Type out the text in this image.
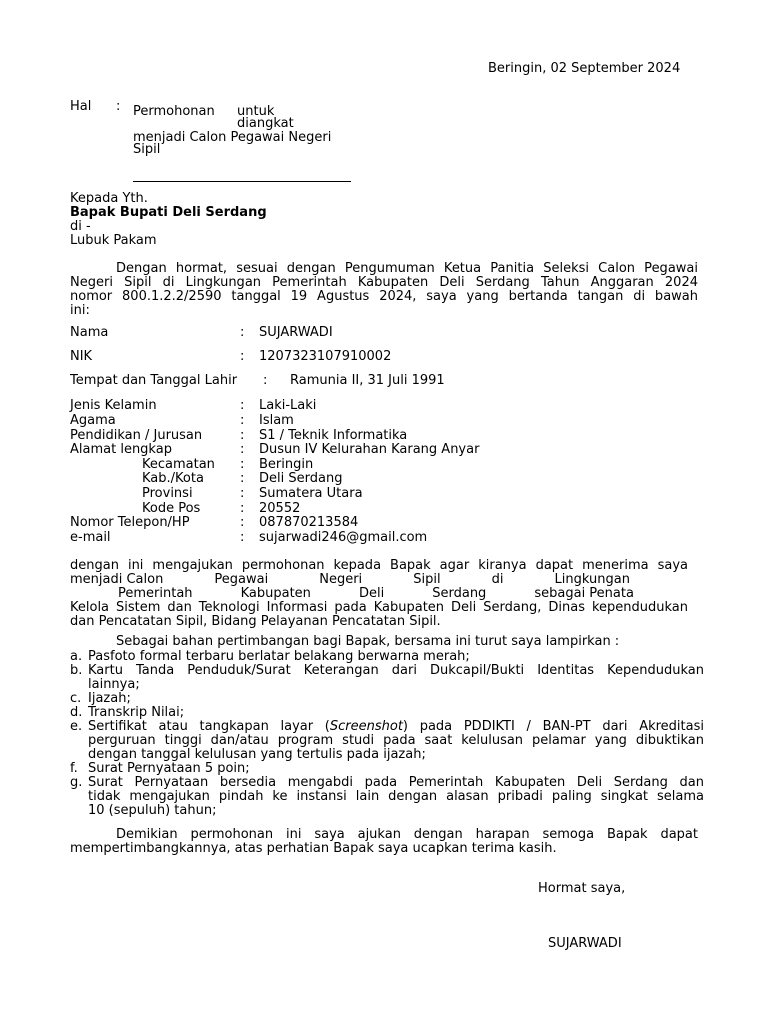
Beringin, 02 September 2024
Hal : Permohonan untuk
diangkat
menjadi Calon Pegawai Negeri
Sipil
Kepada Yth.
Bapak Bupati Deli Serdang
di -
Lubuk Pakam
Dengan hormat, sesuai dengan Pengumuman Ketua Panitia Seleksi Calon Pegawai
Negeri Sipil di Lingkungan Pemerintah Kabupaten Deli Serdang Tahun Anggaran 2024
nomor 800.1.2.2/2590 tanggal 19 Agustus 2024, saya yang bertanda tangan di bawah
ini:
Nama	: SUJARWADI
NIK	: 1207323107910002
Tempat dan Tanggal Lahir : Ramunia II, 31 Juli 1991
Jenis Kelamin	: Laki-Laki
Agama	: Islam
Pendidikan / Jurusan	: S1 / Teknik Informatika
Alamat lengkap	: Dusun IV Kelurahan Karang Anyar
Kecamatan : Beringin
Kab./Kota	: Deli Serdang
Provinsi	: Sumatera Utara
Kode Pos	: 20552
Nomor Telepon/HP	: 087870213584
e-mail	: sujarwadi246@gmail.com
dengan ini mengajukan permohonan kepada Bapak agar kiranya dapat menerima saya
menjadi Calon	Pegawai	Negeri	Sipil	di	Lingkungan
Pemerintah	Kabupaten	Deli	Serdang	sebagai Penata
Kelola Sistem dan Teknologi Informasi pada Kabupaten Deli Serdang, Dinas kependudukan
dan Pencatatan Sipil, Bidang Pelayanan Pencatatan Sipil.
Sebagai bahan pertimbangan bagi Bapak, bersama ini turut saya lampirkan :
a. Pasfoto formal terbaru berlatar belakang berwarna merah;
b. Kartu Tanda Penduduk/Surat Keterangan dari Dukcapil/Bukti Identitas Kependudukan
lainnya;
c. Ijazah;
d. Transkrip Nilai;
e. Sertifikat atau tangkapan layar (Screenshot) pada PDDIKTI / BAN-PT dari Akreditasi
perguruan tinggi dan/atau program studi pada saat kelulusan pelamar yang dibuktikan
dengan tanggal kelulusan yang tertulis pada ijazah;
f. Surat Pernyataan 5 poin;
g. Surat Pernyataan bersedia mengabdi pada Pemerintah Kabupaten Deli Serdang dan
tidak mengajukan pindah ke instansi lain dengan alasan pribadi paling singkat selama
10 (sepuluh) tahun;
Demikian permohonan ini saya ajukan dengan harapan semoga Bapak dapat
mempertimbangkannya, atas perhatian Bapak saya ucapkan terima kasih.
Hormat saya,
SUJARWADI
